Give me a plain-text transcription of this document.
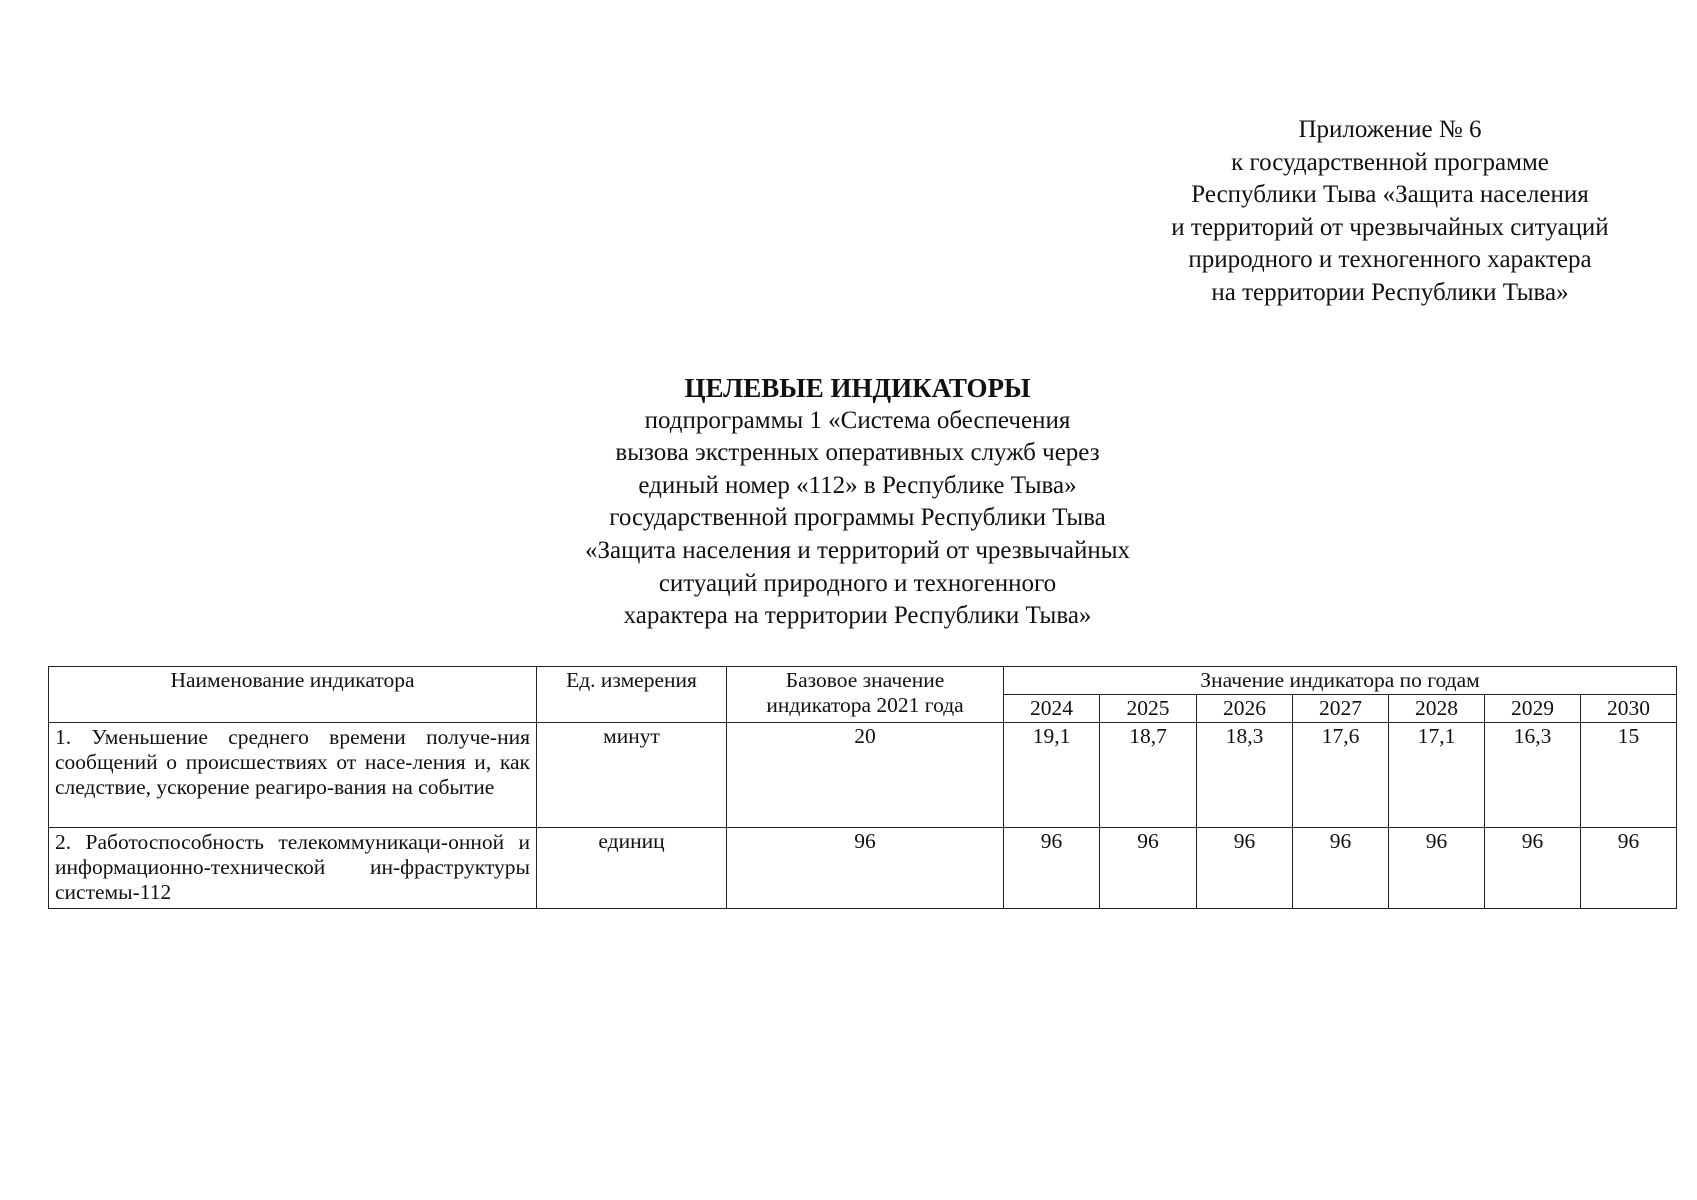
Приложение № 6
к государственной программе
Республики Тыва «Защита населения
и территорий от чрезвычайных ситуаций
природного и техногенного характера
на территории Республики Тыва»
ЦЕЛЕВЫЕ ИНДИКАТОРЫ
подпрограммы 1 «Система обеспечения
вызова экстренных оперативных служб через
единый номер «112» в Республике Тыва»
государственной программы Республики Тыва
«Защита населения и территорий от чрезвычайных
ситуаций природного и техногенного
характера на территории Республики Тыва»
Наименование индикатора	Ед. измерения	Базовое значение индикатора 2021 года	Значение индикатора по годам						
			2024	2025	2026	2027	2028	2029	2030
1. Уменьшение среднего времени получе-ния сообщений о происшествиях от насе-ления и, как следствие, ускорение реагиро-вания на событие	минут	20	19,1	18,7	18,3	17,6	17,1	16,3	15
2. Работоспособность телекоммуникаци-онной и информационно-технической ин-фраструктуры системы-112	единиц	96	96	96	96	96	96	96	96
